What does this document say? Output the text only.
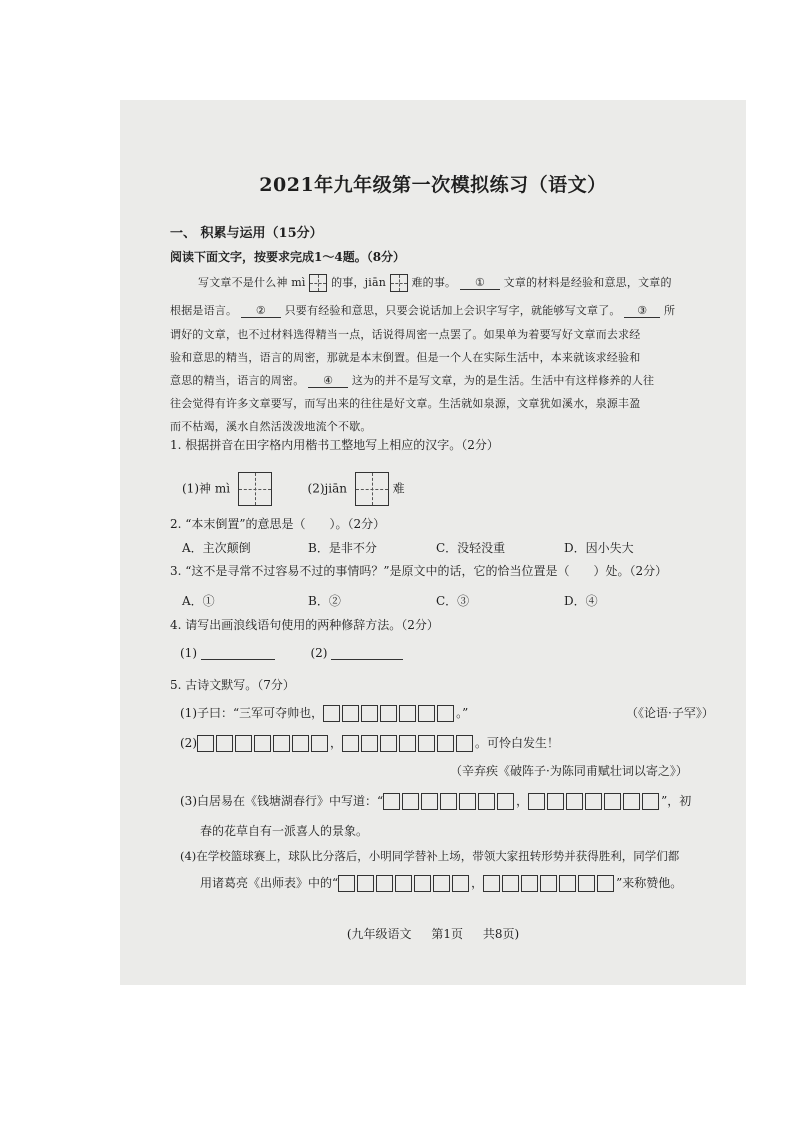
2021年九年级第一次模拟练习（语文）
一、 积累与运用（15分）
阅读下面文字，按要求完成1～4题。（8分）
写文章不是什么神 mì 的事，jiān 难的事。 ① 文章的材料是经验和意思，文章的
根据是语言。 ② 只要有经验和意思，只要会说话加上会识字写字，就能够写文章了。 ③ 所
谓好的文章，也不过材料选得精当一点，话说得周密一点罢了。如果单为着要写好文章而去求经
验和意思的精当，语言的周密，那就是本末倒置。但是一个人在实际生活中，本来就该求经验和
意思的精当，语言的周密。 ④ 这为的并不是写文章，为的是生活。生活中有这样修养的人往
往会觉得有许多文章要写，而写出来的往往是好文章。生活就如泉源，文章犹如溪水，泉源丰盈
而不枯竭，溪水自然活泼泼地流个不歇。
1. 根据拼音在田字格内用楷书工整地写上相应的汉字。（2分）
(1)神 mì	(2)jiān	难
2. “本末倒置”的意思是（　　）。（2分）
A．主次颠倒	B．是非不分	C．没轻没重	D．因小失大
3. “这不是寻常不过容易不过的事情吗？”是原文中的话，它的恰当位置是（　　）处。（2分）
A．①	B．②	C．③	D．④
4. 请写出画浪线语句使用的两种修辞方法。（2分）
(1)	(2)
5. 古诗文默写。（7分）
(1)子曰：“三军可夺帅也，	。”	（《论语·子罕》）
(2)	，	。可怜白发生！
（辛弃疾《破阵子·为陈同甫赋壮词以寄之》）
(3)白居易在《钱塘湖春行》中写道：“	，	”，初
春的花草自有一派喜人的景象。
(4)在学校篮球赛上，球队比分落后，小明同学替补上场，带领大家扭转形势并获得胜利，同学们都
用诸葛亮《出师表》中的“	，	”来称赞他。
(九年级语文 第1页 共8页)
